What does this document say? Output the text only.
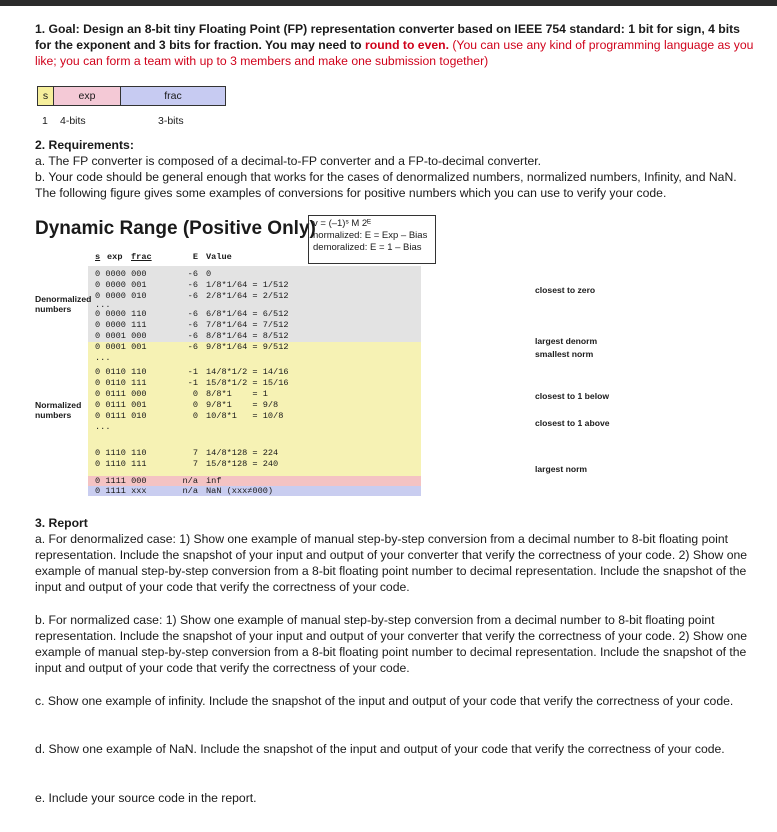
1. Goal: Design an 8-bit tiny Floating Point (FP) representation converter based on IEEE 754 standard: 1 bit for sign, 4 bits for the exponent and 3 bits for fraction. You may need to round to even. (You can use any kind of programming language as you like; you can form a team with up to 3 members and make one submission together)
s	exp	frac
1 4-bits	3-bits
2. Requirements:
a. The FP converter is composed of a decimal-to-FP converter and a FP-to-decimal converter.
b. Your code should be general enough that works for the cases of denormalized numbers, normalized numbers, Infinity, and NaN. The following figure gives some examples of conversions for positive numbers which you can use to verify your code.
Dynamic Range (Positive Only)
v = (–1)ˢ M 2ᴱ
normalized: E = Exp – Bias
demoralized: E = 1 – Bias
s exp frac	E Value
0 0000 000	-6 0
0 0000 001	-6 1/8*1/64 = 1/512
0 0000 010	-6 2/8*1/64 = 2/512
...
0 0000 110	-6 6/8*1/64 = 6/512
0 0000 111	-6 7/8*1/64 = 7/512
0 0001 000	-6 8/8*1/64 = 8/512
0 0001 001	-6 9/8*1/64 = 9/512
...
0 0110 110	-1 14/8*1/2 = 14/16
0 0110 111	-1 15/8*1/2 = 15/16
0 0111 000	0 8/8*1    = 1
0 0111 001	0 9/8*1    = 9/8
0 0111 010	0 10/8*1   = 10/8
...
0 1110 110	7 14/8*128 = 224
0 1110 111	7 15/8*128 = 240
0 1111 000	n/a inf
0 1111 xxx	n/a NaN (xxx≠000)
Denormalized numbers
Normalized numbers
closest to zero
largest denorm
smallest norm
closest to 1 below
closest to 1 above
largest norm
3. Report
a. For denormalized case: 1) Show one example of manual step-by-step conversion from a decimal number to 8-bit floating point representation. Include the snapshot of your input and output of your converter that verify the correctness of your code. 2) Show one example of manual step-by-step conversion from a 8-bit floating point number to decimal representation. Include the snapshot of the input and output of your code that verify the correctness of your code.
b. For normalized case: 1) Show one example of manual step-by-step conversion from a decimal number to 8-bit floating point representation. Include the snapshot of your input and output of your converter that verify the correctness of your code. 2) Show one example of manual step-by-step conversion from a 8-bit floating point number to decimal representation. Include the snapshot of the input and output of your code that verify the correctness of your code.
c. Show one example of infinity. Include the snapshot of the input and output of your code that verify the correctness of your code.
d. Show one example of NaN. Include the snapshot of the input and output of your code that verify the correctness of your code.
e. Include your source code in the report.
